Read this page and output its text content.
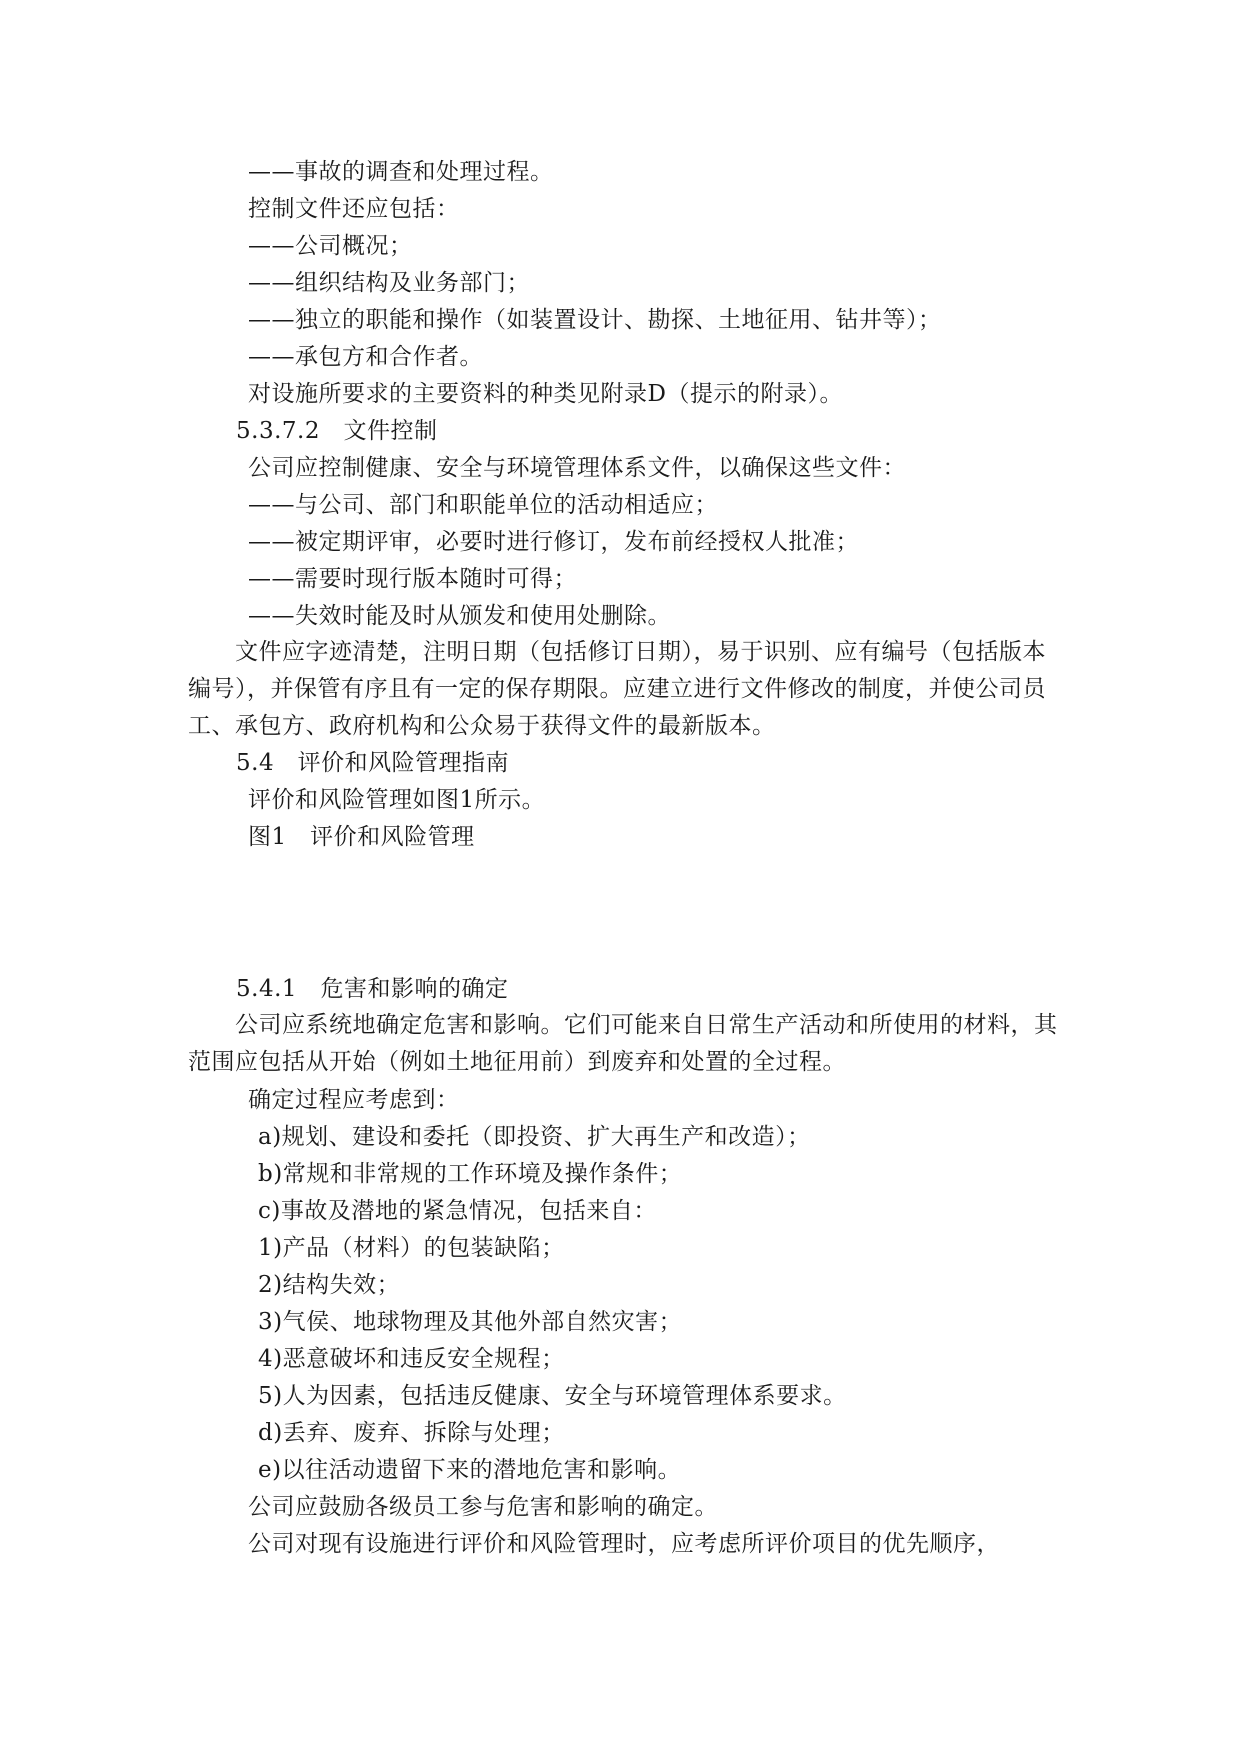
——事故的调查和处理过程。
控制文件还应包括：
——公司概况；
——组织结构及业务部门；
——独立的职能和操作（如装置设计、勘探、土地征用、钻井等）；
——承包方和合作者。
对设施所要求的主要资料的种类见附录D（提示的附录）。
5.3.7.2　文件控制
公司应控制健康、安全与环境管理体系文件，以确保这些文件：
——与公司、部门和职能单位的活动相适应；
——被定期评审，必要时进行修订，发布前经授权人批准；
——需要时现行版本随时可得；
——失效时能及时从颁发和使用处删除。
　　文件应字迹清楚，注明日期（包括修订日期），易于识别、应有编号（包括版本编号），并保管有序且有一定的保存期限。应建立进行文件修改的制度，并使公司员工、承包方、政府机构和公众易于获得文件的最新版本。
5.4　评价和风险管理指南
评价和风险管理如图1所示。
图1　评价和风险管理
5.4.1　危害和影响的确定
　　公司应系统地确定危害和影响。它们可能来自日常生产活动和所使用的材料，其范围应包括从开始（例如土地征用前）到废弃和处置的全过程。
确定过程应考虑到：
a)规划、建设和委托（即投资、扩大再生产和改造）；
b)常规和非常规的工作环境及操作条件；
c)事故及潜地的紧急情况，包括来自：
1)产品（材料）的包装缺陷；
2)结构失效；
3)气侯、地球物理及其他外部自然灾害；
4)恶意破坏和违反安全规程；
5)人为因素，包括违反健康、安全与环境管理体系要求。
d)丢弃、废弃、拆除与处理；
e)以往活动遗留下来的潜地危害和影响。
公司应鼓励各级员工参与危害和影响的确定。
公司对现有设施进行评价和风险管理时，应考虑所评价项目的优先顺序，
